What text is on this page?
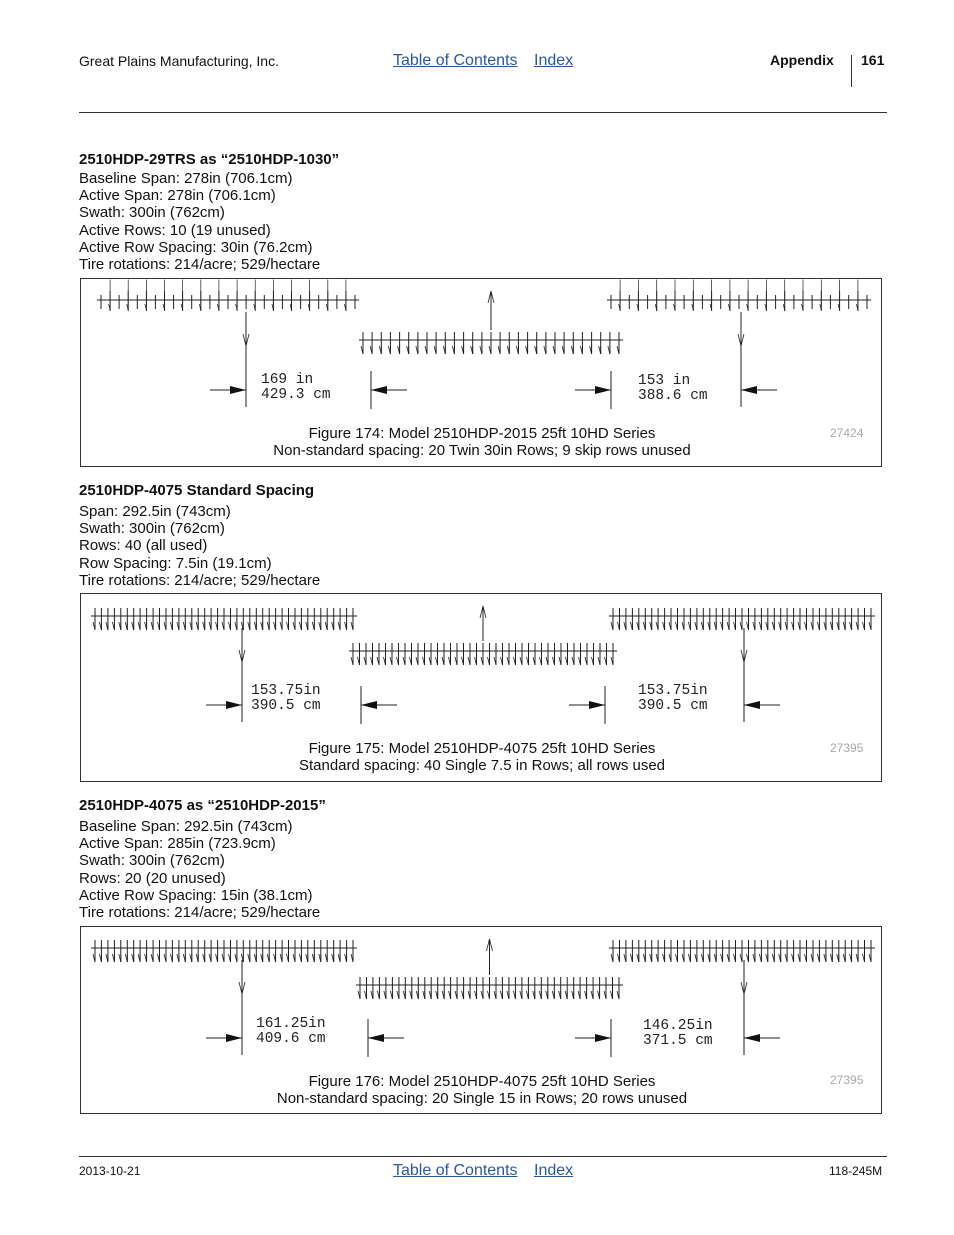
Great Plains Manufacturing, Inc.	Table of Contents Index	Appendix 161
2510HDP-29TRS as “2510HDP-1030”
Baseline Span: 278in (706.1cm)
Active Span: 278in (706.1cm)
Swath: 300in (762cm)
Active Rows: 10 (19 unused)
Active Row Spacing: 30in (76.2cm)
Tire rotations: 214/acre; 529/hectare
169 in
429.3 cm
153 in
388.6 cm
Figure 174: Model 2510HDP-2015 25ft 10HD Series
Non-standard spacing: 20 Twin 30in Rows; 9 skip rows unused
27424
2510HDP-4075 Standard Spacing
Span: 292.5in (743cm)
Swath: 300in (762cm)
Rows: 40 (all used)
Row Spacing: 7.5in (19.1cm)
Tire rotations: 214/acre; 529/hectare
153.75in
390.5 cm
153.75in
390.5 cm
Figure 175: Model 2510HDP-4075 25ft 10HD Series
Standard spacing: 40 Single 7.5 in Rows; all rows used
27395
2510HDP-4075 as “2510HDP-2015”
Baseline Span: 292.5in (743cm)
Active Span: 285in (723.9cm)
Swath: 300in (762cm)
Rows: 20 (20 unused)
Active Row Spacing: 15in (38.1cm)
Tire rotations: 214/acre; 529/hectare
161.25in
409.6 cm
146.25in
371.5 cm
Figure 176: Model 2510HDP-4075 25ft 10HD Series
Non-standard spacing: 20 Single 15 in Rows; 20 rows unused
27395
2013-10-21	Table of Contents Index	118-245M
